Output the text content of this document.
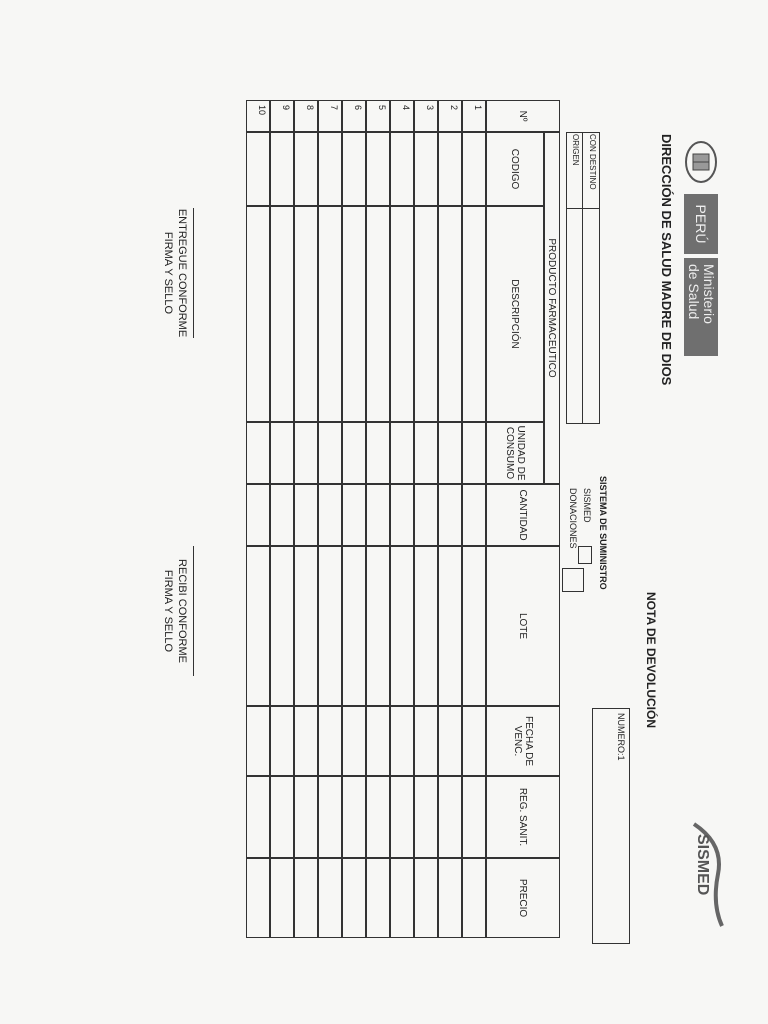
PERÚ
Ministerio
de Salud
DIRECCIÓN DE SALUD MADRE DE DIOS
NOTA DE DEVOLUCIÓN
SISMED
NUMERO:1
CON DESTINO
ORIGEN
SISTEMA DE SUMINISTRO
SISMED
DONACIONES
PRODUCTO FARMACEUTICO
Nº
CODIGO
DESCRIPCIÓN
UNIDAD DE CONSUMO
CANTIDAD
LOTE
FECHA DE VENC.
REG. SANIT.
PRECIO
1
2
3
4
5
6
7
8
9
10
ENTREGUE CONFORME
FIRMA Y SELLO
RECIBI CONFORME
FIRMA Y SELLO
